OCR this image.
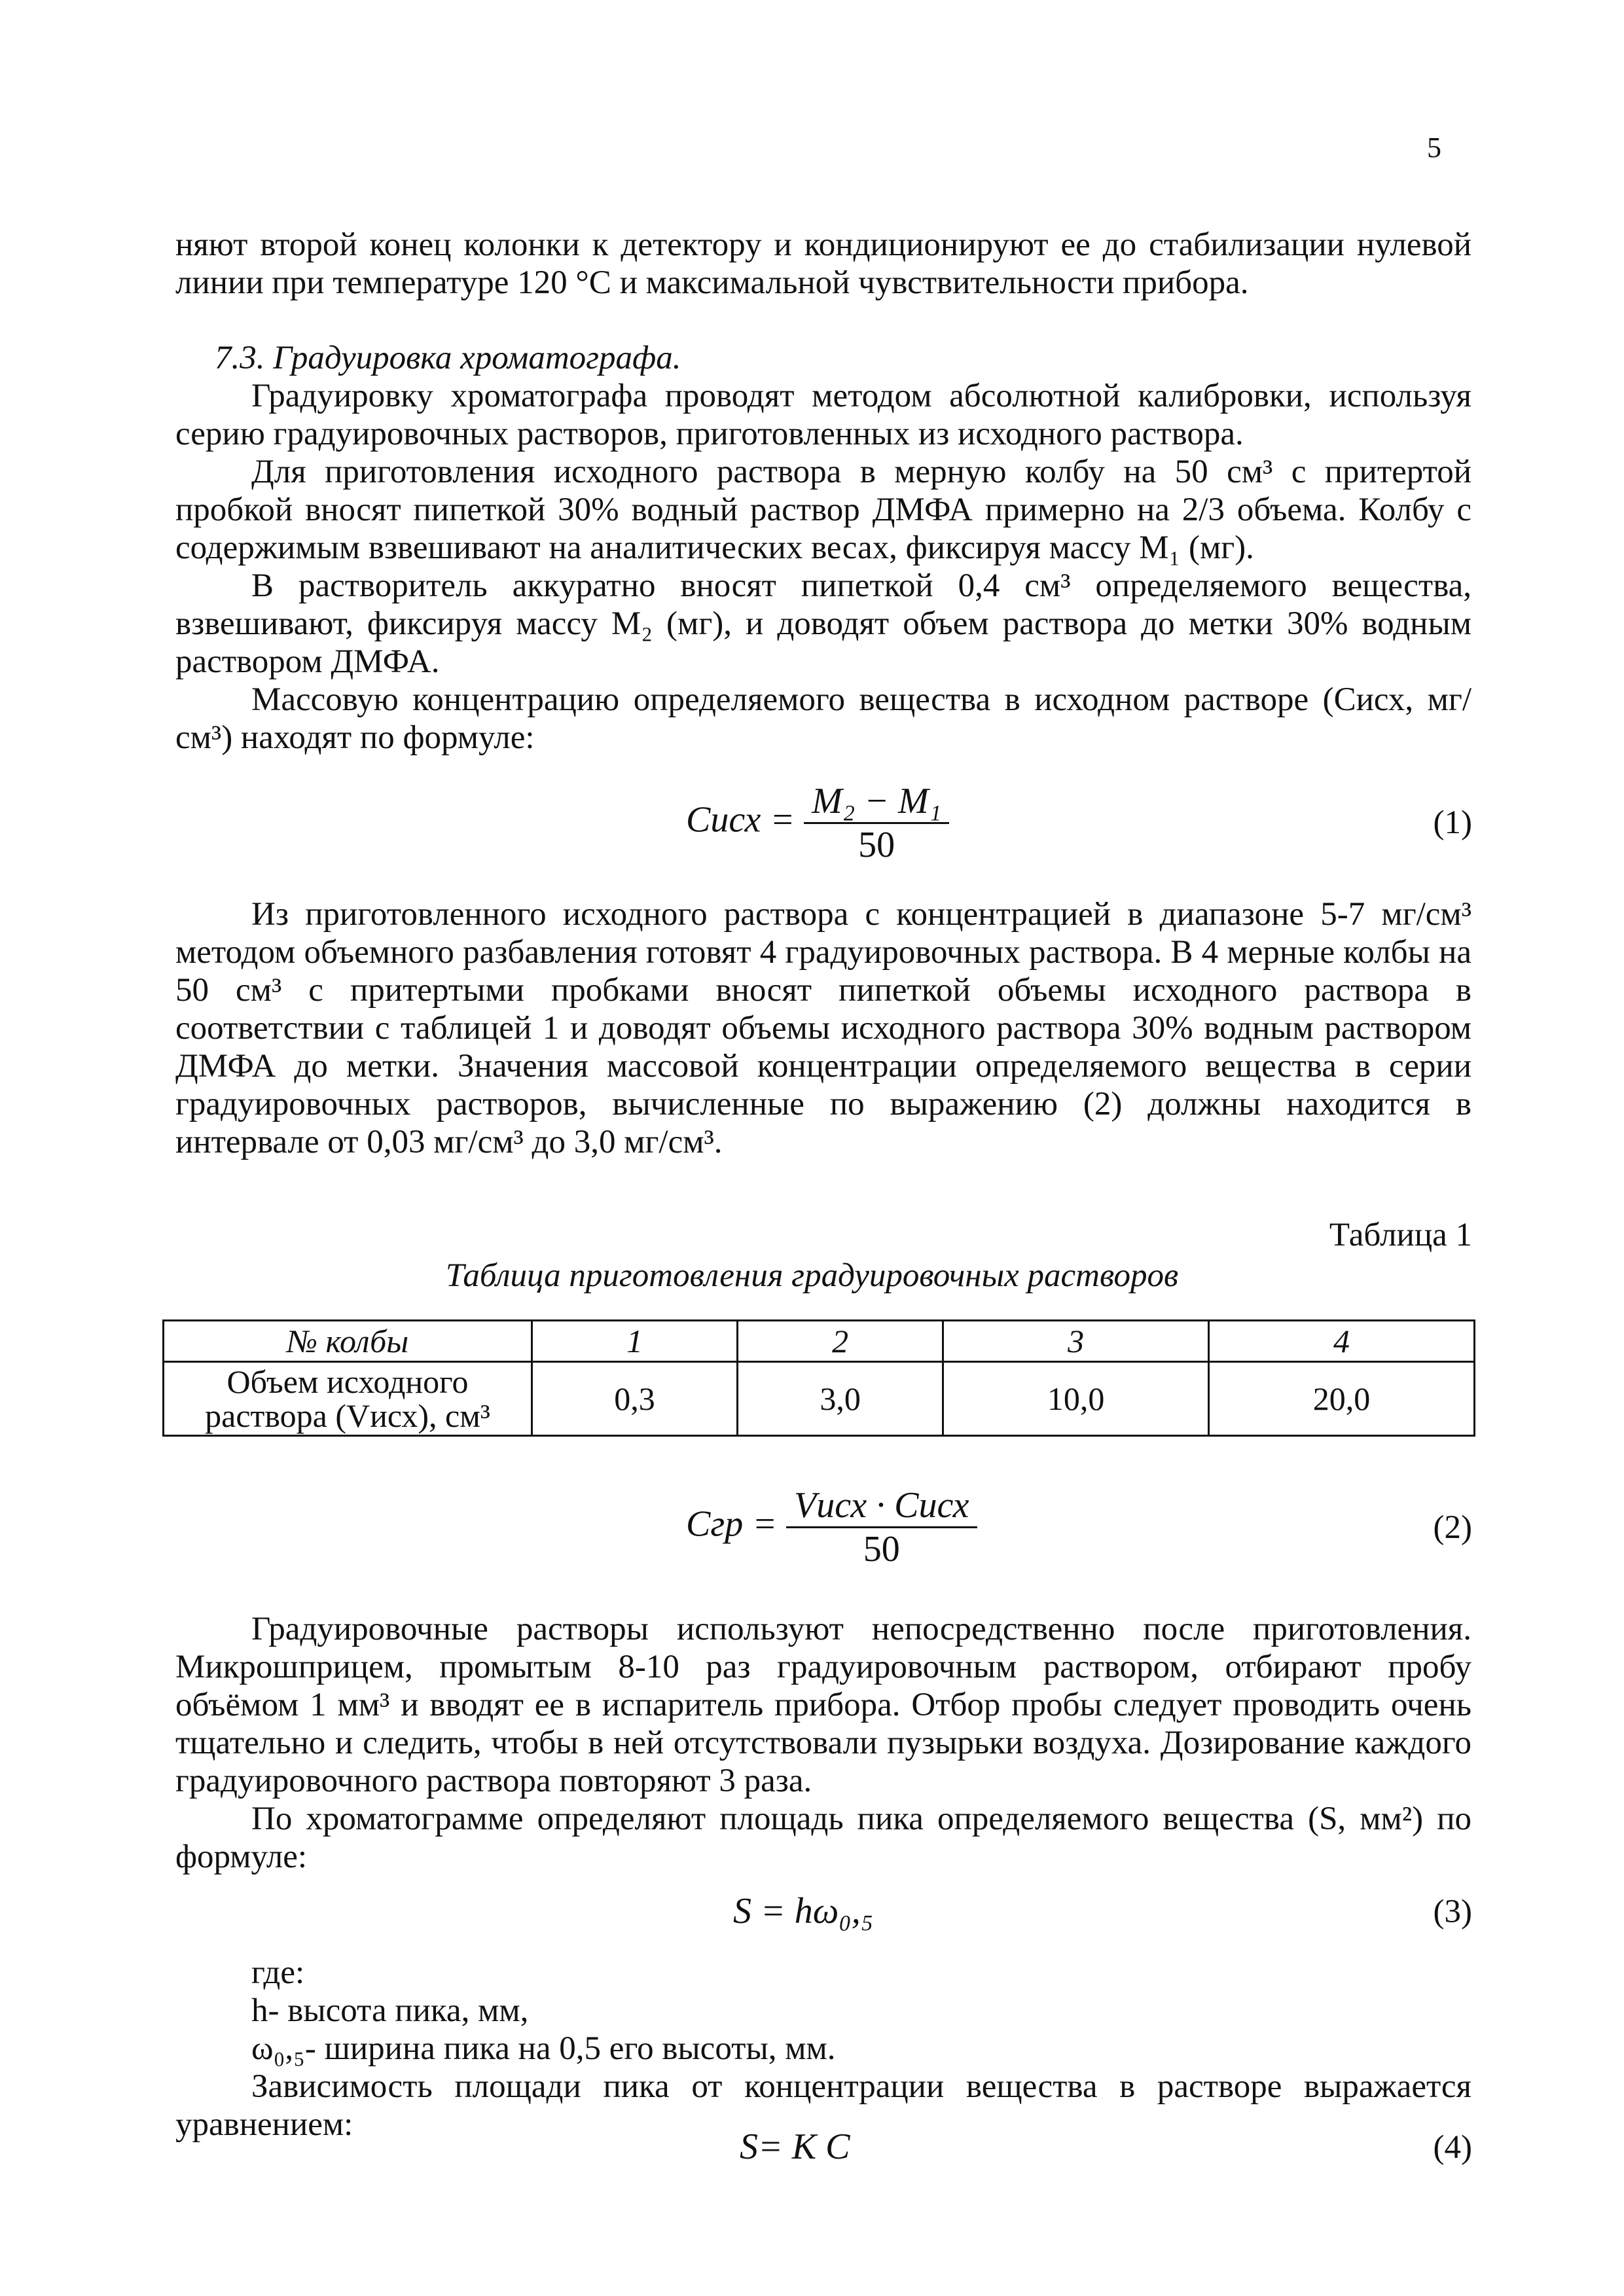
5

няют второй конец колонки к детектору и кондиционируют ее до стабилизации нулевой линии при температуре 120 °С и максимальной чувствительности прибора.

7.3. Градуировка хроматографа.

Градуировку хроматографа проводят методом абсолютной калибровки, используя серию градуировочных растворов, приготовленных из исходного раствора.

Для приготовления исходного раствора в мерную колбу на 50 см³ с притертой пробкой вносят пипеткой 30% водный раствор ДМФА примерно на 2/3 объема. Колбу с содержимым взвешивают на аналитических весах, фиксируя массу M₁ (мг).

В растворитель аккуратно вносят пипеткой 0,4 см³ определяемого вещества, взвешивают, фиксируя массу M₂ (мг), и доводят объем раствора до метки 30% водным раствором ДМФА.

Массовую концентрацию определяемого вещества в исходном растворе (Сисх, мг/см³) находят по формуле:

Cисх = $\frac{\text{M₂ − M₁}}{50}$	(1)

Из приготовленного исходного раствора с концентрацией в диапазоне 5-7 мг/см³ методом объемного разбавления готовят 4 градуировочных раствора. В 4 мерные колбы на 50 см³ с притертыми пробками вносят пипеткой объемы исходного раствора в соответствии с таблицей 1 и доводят объемы исходного раствора 30% водным раствором ДМФА до метки. Значения массовой концентрации определяемого вещества в серии градуировочных растворов, вычисленные по выражению (2) должны находится в интервале от 0,03 мг/см³ до 3,0 мг/см³.

Таблица 1
Таблица приготовления градуировочных растворов
№ колбы	1	2	3	4
Объем исходного раствора (Vисх), см³	0,3	3,0	10,0	20,0
Cгр = $\frac{\text{Vисх · Cисх}}{50}$	(2)

Градуировочные растворы используют непосредственно после приготовления. Микрошприцем, промытым 8-10 раз градуировочным раствором, отбирают пробу объёмом 1 мм³ и вводят ее в испаритель прибора. Отбор пробы следует проводить очень тщательно и следить, чтобы в ней отсутствовали пузырьки воздуха. Дозирование каждого градуировочного раствора повторяют 3 раза.

По хроматограмме определяют площадь пика определяемого вещества (S, мм²) по формуле:

S = hω₀,₅	(3)

где:

h- высота пика, мм,

ω₀,₅- ширина пика на 0,5 его высоты, мм.

Зависимость площади пика от концентрации вещества в растворе выражается уравнением:

S= K C	(4)
